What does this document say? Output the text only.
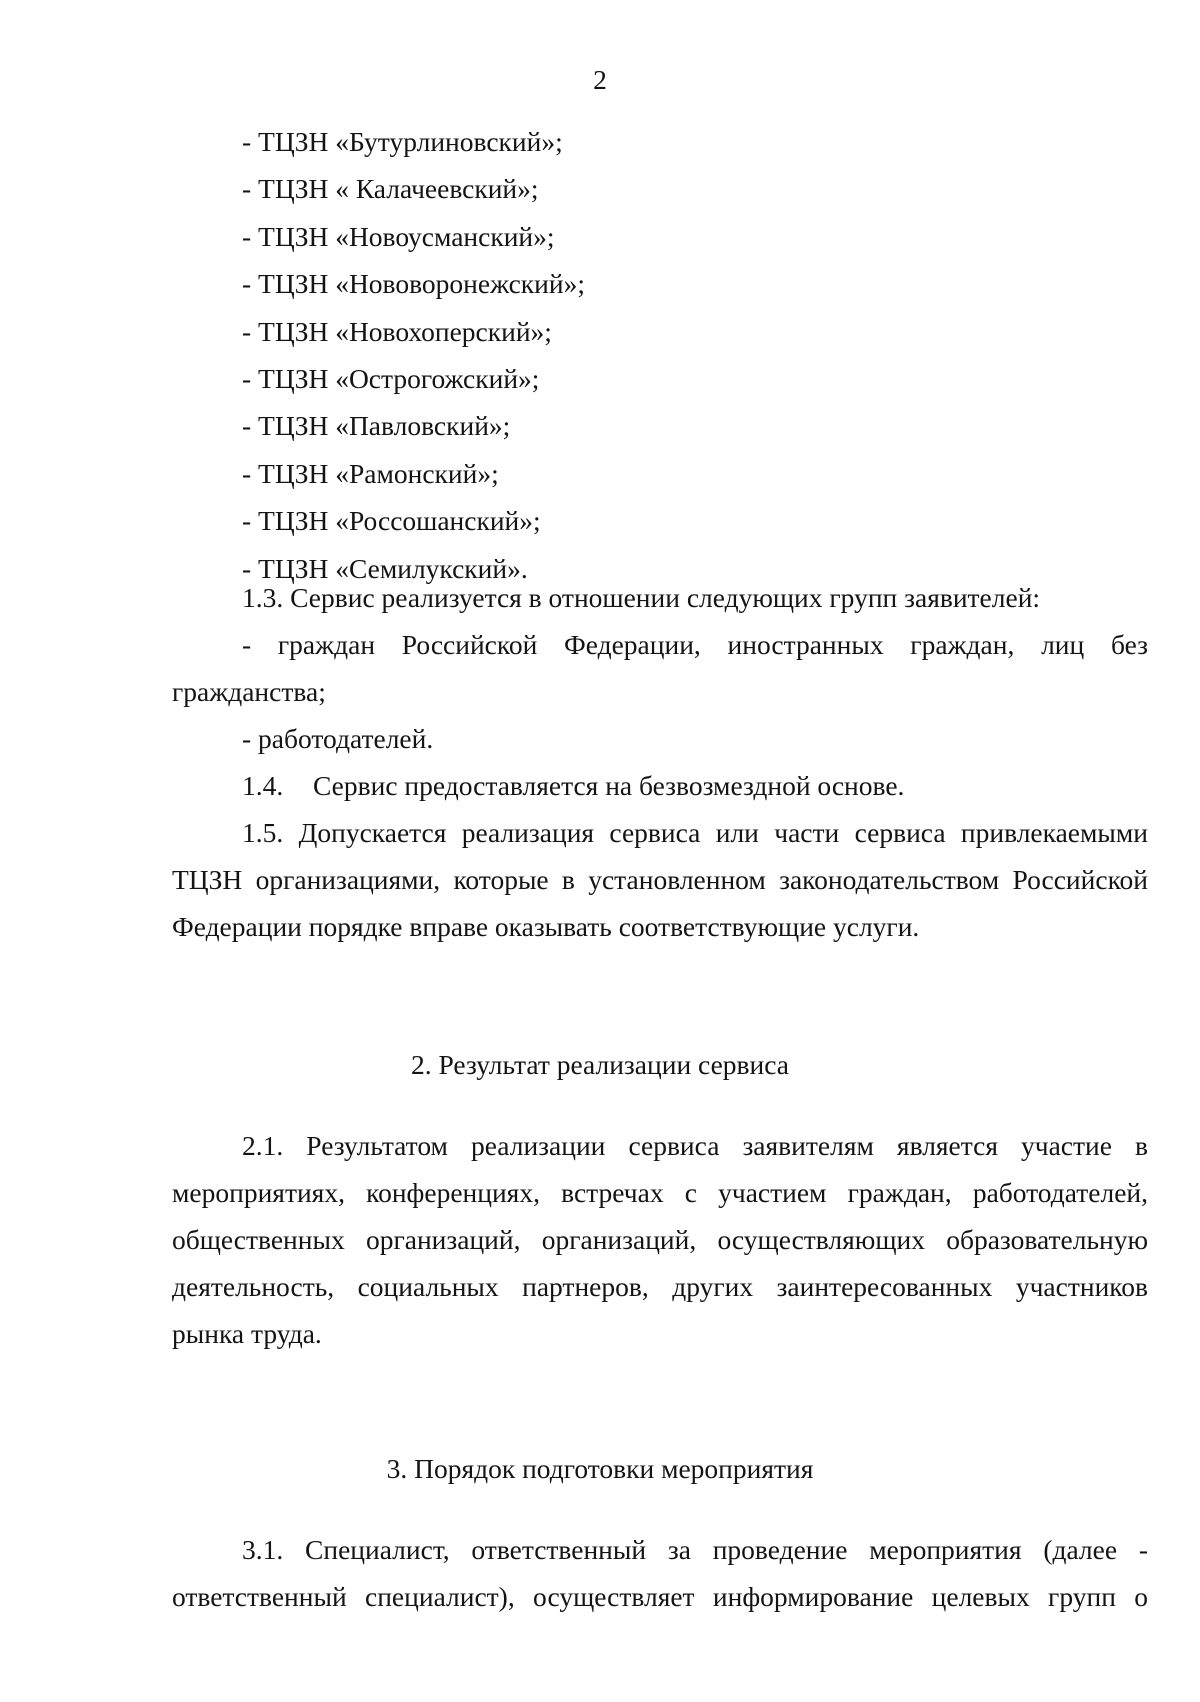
2
- ТЦЗН «Бутурлиновский»;
- ТЦЗН « Калачеевский»;
- ТЦЗН «Новоусманский»;
- ТЦЗН «Нововоронежский»;
- ТЦЗН «Новохоперский»;
- ТЦЗН «Острогожский»;
- ТЦЗН «Павловский»;
- ТЦЗН «Рамонский»;
- ТЦЗН «Россошанский»;
- ТЦЗН «Семилукский».
1.3. Сервис реализуется в отношении следующих групп заявителей:
- граждан Российской Федерации, иностранных граждан, лиц без
гражданства;
- работодателей.
1.4. Сервис предоставляется на безвозмездной основе.
1.5. Допускается реализация сервиса или части сервиса привлекаемыми
ТЦЗН организациями, которые в установленном законодательством Российской
Федерации порядке вправе оказывать соответствующие услуги.
2. Результат реализации сервиса
2.1. Результатом реализации сервиса заявителям является участие в
мероприятиях, конференциях, встречах с участием граждан, работодателей,
общественных организаций, организаций, осуществляющих образовательную
деятельность, социальных партнеров, других заинтересованных участников
рынка труда.
3. Порядок подготовки мероприятия
3.1. Специалист, ответственный за проведение мероприятия (далее -
ответственный специалист), осуществляет информирование целевых групп о
